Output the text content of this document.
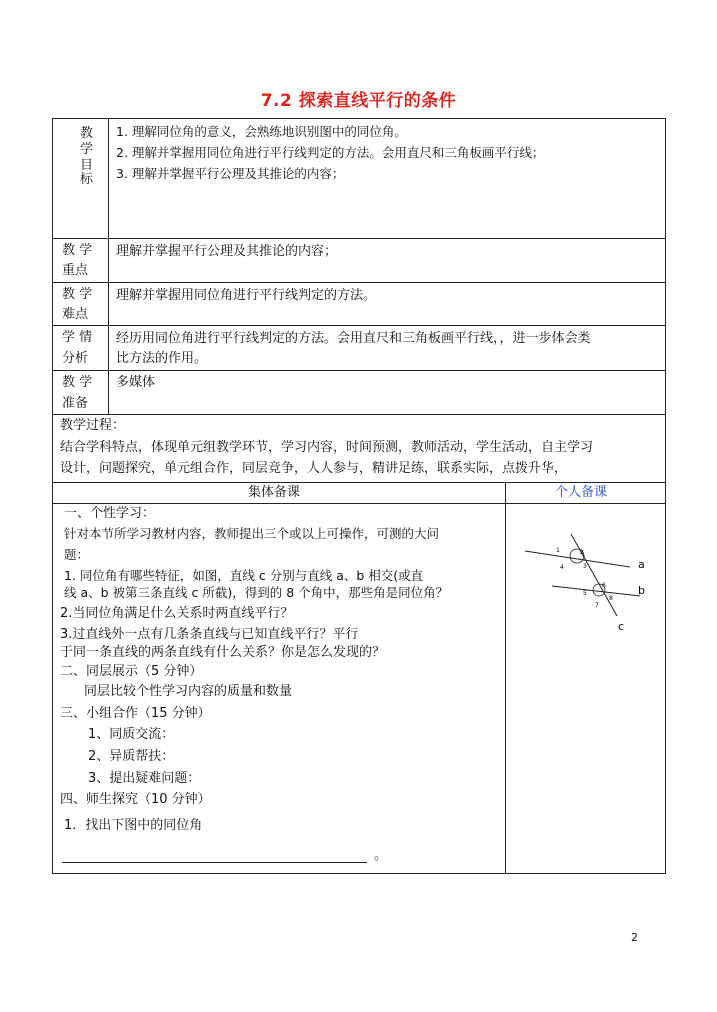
7.2 探索直线平行的条件
教
学
目
标
1. 理解同位角的意义，会熟练地识别图中的同位角。
2. 理解并掌握用同位角进行平行线判定的方法。会用直尺和三角板画平行线；
3. 理解并掌握平行公理及其推论的内容；
教 学
重点
理解并掌握平行公理及其推论的内容；
教 学
难点
理解并掌握用同位角进行平行线判定的方法。
学 情
分析
经历用同位角进行平行线判定的方法。会用直尺和三角板画平行线，，进一步体会类
比方法的作用。
教 学
准备
多媒体
教学过程：
结合学科特点，体现单元组教学环节，学习内容，时间预测，教师活动，学生活动，自主学习
设计，问题探究，单元组合作，同层竞争，人人参与，精讲足练，联系实际，点拨升华，
集体备课	个人备课
一、个性学习：
针对本节所学习教材内容，教师提出三个或以上可操作，可测的大问
题：
1. 同位角有哪些特征，如图，直线 c 分别与直线 a、b 相交(或直
线 a、b 被第三条直线 c 所截)，得到的 8 个角中，那些角是同位角？
2.当同位角满足什么关系时两直线平行？
3.过直线外一点有几条条直线与已知直线平行？平行
于同一条直线的两条直线有什么关系？你是怎么发现的？
二、同层展示（5 分钟）
同层比较个性学习内容的质量和数量
三、小组合作（15 分钟）
1、同质交流：
2、异质帮扶：
3、提出疑难问题：
四、师生探究（10 分钟）
1．找出下图中的同位角
。
1	2
3
4
5
6
7
8
a
b
c
2
